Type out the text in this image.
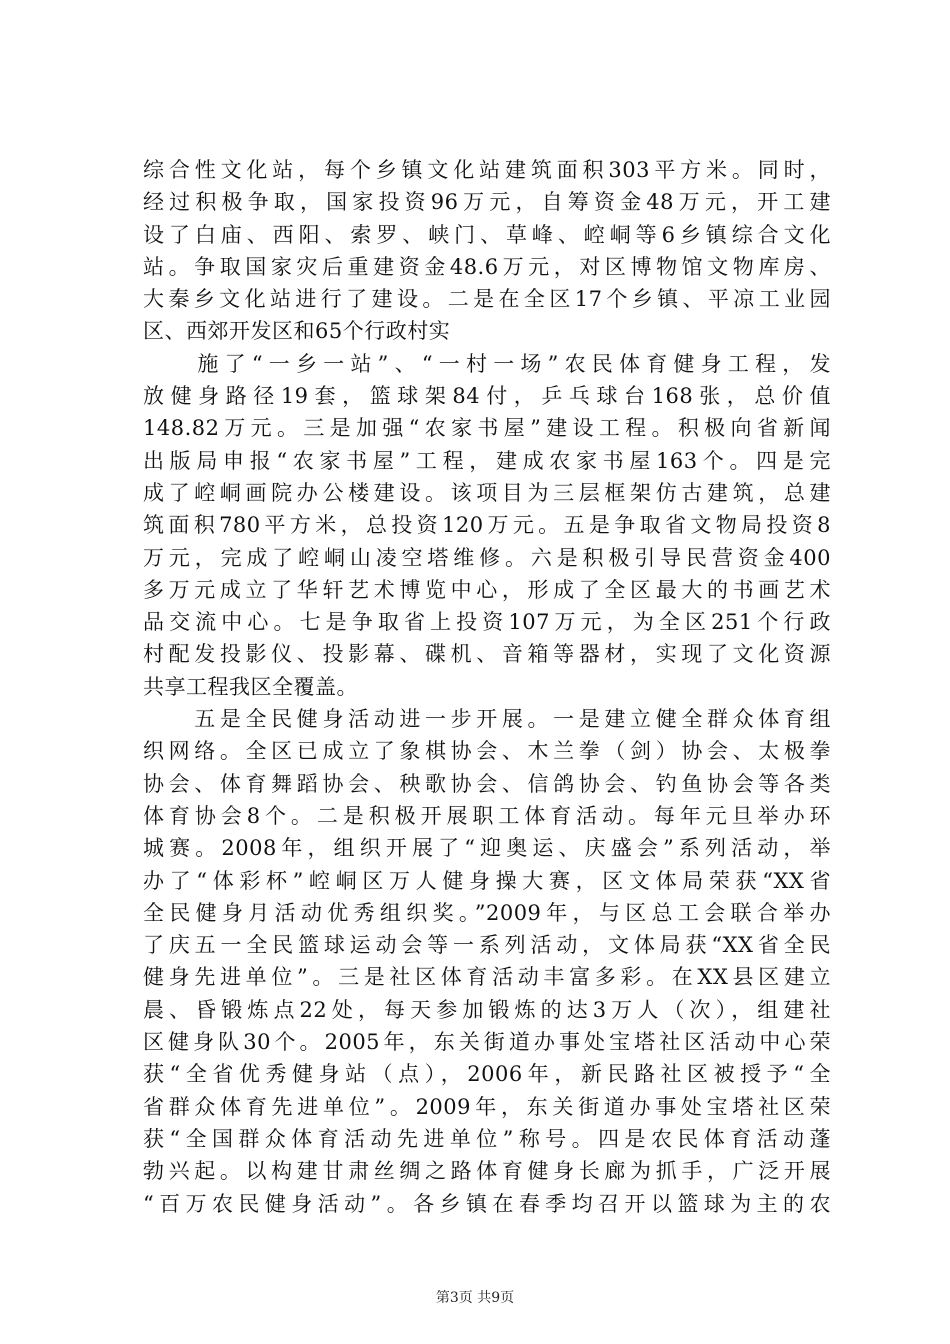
综合性文化站，每个乡镇文化站建筑面积303平方米。同时，
经过积极争取，国家投资96万元，自筹资金48万元，开工建
设了白庙、西阳、索罗、峡门、草峰、崆峒等6乡镇综合文化
站。争取国家灾后重建资金48.6万元，对区博物馆文物库房、
大秦乡文化站进行了建设。二是在全区17个乡镇、平凉工业园
区、西郊开发区和65个行政村实
　　施了“一乡一站”、“一村一场”农民体育健身工程，发
放健身路径19套，篮球架84付，乒乓球台168张，总价值
148.82万元。三是加强“农家书屋”建设工程。积极向省新闻
出版局申报“农家书屋”工程，建成农家书屋163个。四是完
成了崆峒画院办公楼建设。该项目为三层框架仿古建筑，总建
筑面积780平方米，总投资120万元。五是争取省文物局投资8
万元，完成了崆峒山凌空塔维修。六是积极引导民营资金400
多万元成立了华轩艺术博览中心，形成了全区最大的书画艺术
品交流中心。七是争取省上投资107万元，为全区251个行政
村配发投影仪、投影幕、碟机、音箱等器材，实现了文化资源
共享工程我区全覆盖。
　　五是全民健身活动进一步开展。一是建立健全群众体育组
织网络。全区已成立了象棋协会、木兰拳（剑）协会、太极拳
协会、体育舞蹈协会、秧歌协会、信鸽协会、钓鱼协会等各类
体育协会8个。二是积极开展职工体育活动。每年元旦举办环
城赛。2008年，组织开展了“迎奥运、庆盛会”系列活动，举
办了“体彩杯”崆峒区万人健身操大赛，区文体局荣获“XX省
全民健身月活动优秀组织奖。”2009年，与区总工会联合举办
了庆五一全民篮球运动会等一系列活动，文体局获“XX省全民
健身先进单位”。三是社区体育活动丰富多彩。在XX县区建立
晨、昏锻炼点22处，每天参加锻炼的达3万人（次），组建社
区健身队30个。2005年，东关街道办事处宝塔社区活动中心荣
获“全省优秀健身站（点），2006年，新民路社区被授予“全
省群众体育先进单位”。2009年，东关街道办事处宝塔社区荣
获“全国群众体育活动先进单位”称号。四是农民体育活动蓬
勃兴起。以构建甘肃丝绸之路体育健身长廊为抓手，广泛开展
“百万农民健身活动”。各乡镇在春季均召开以篮球为主的农
第3页 共9页
